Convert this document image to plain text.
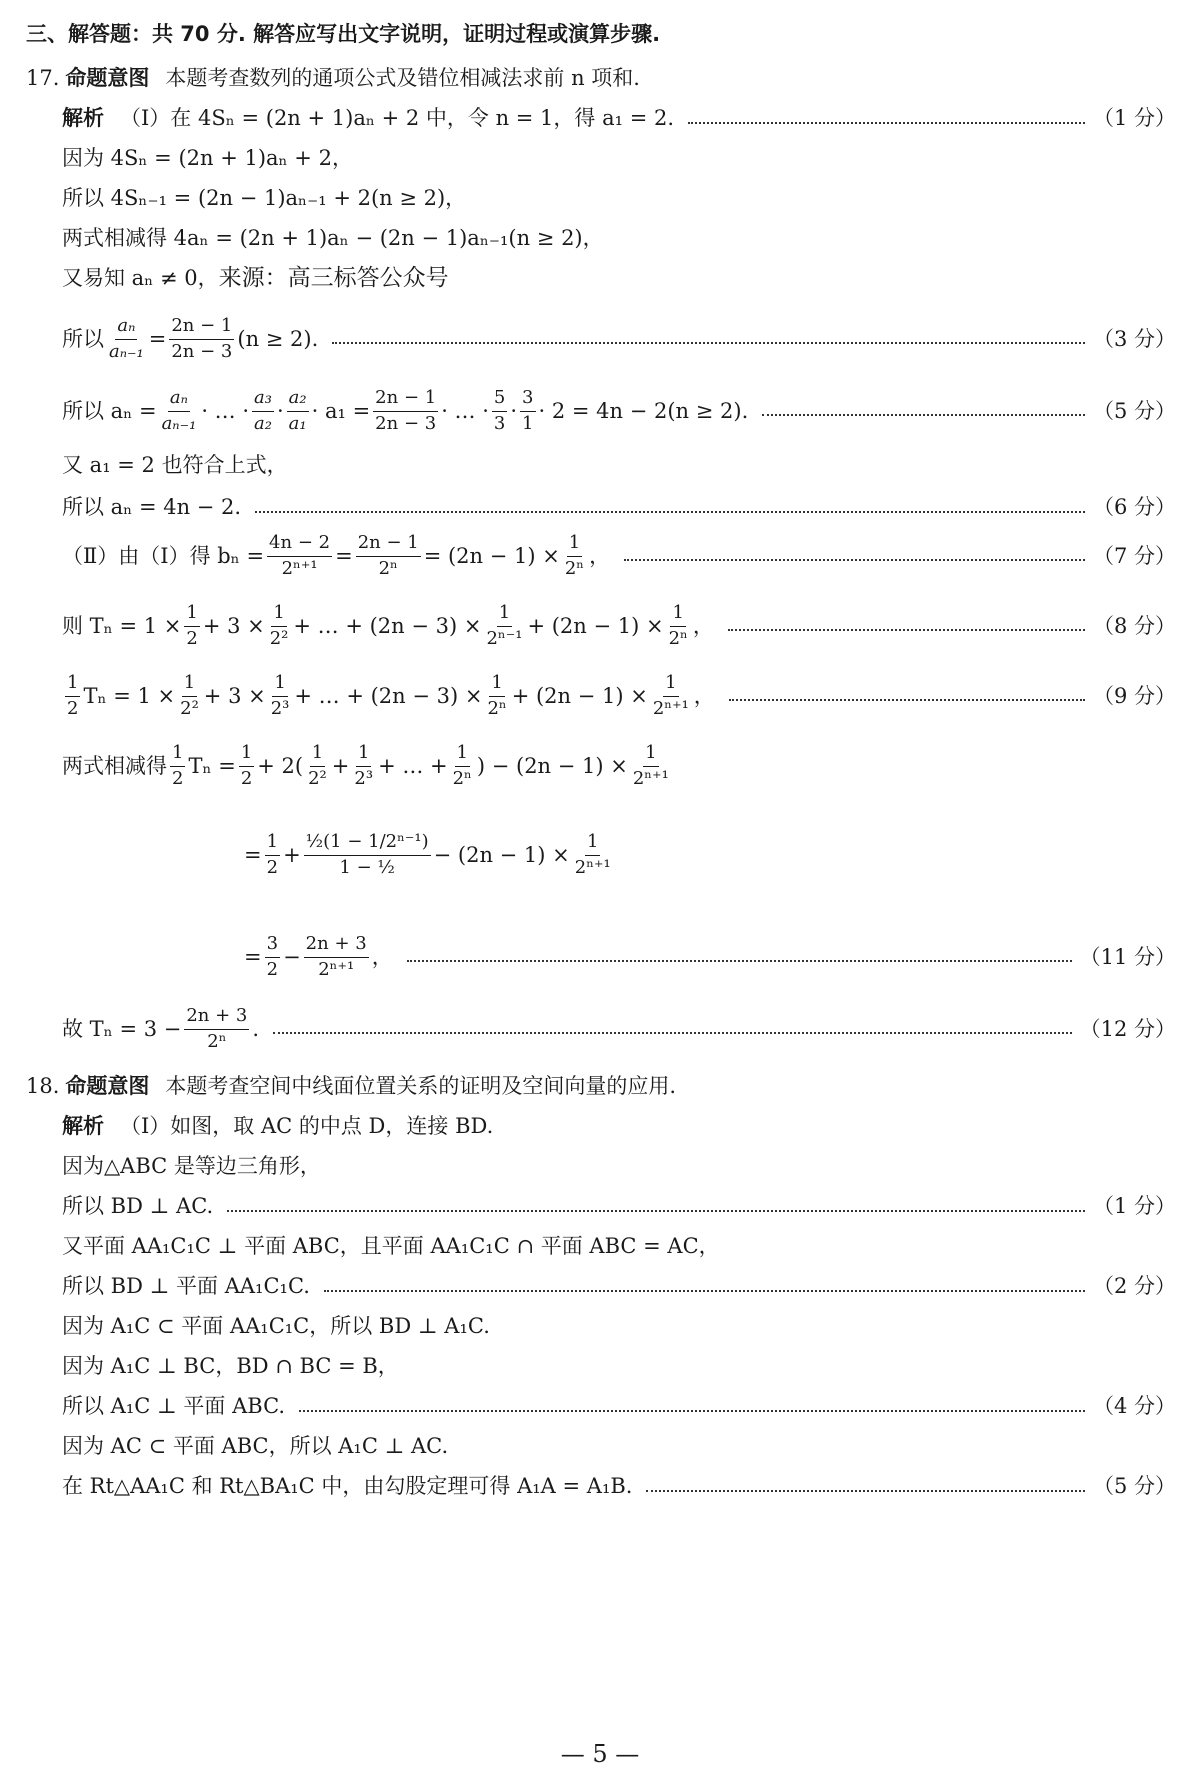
三、解答题：共 70 分. 解答应写出文字说明，证明过程或演算步骤.
17. 命题意图 本题考查数列的通项公式及错位相减法求前 n 项和.
解析 （Ⅰ）在 4Sₙ = (2n + 1)aₙ + 2 中，令 n = 1，得 a₁ = 2.	（1 分）
因为 4Sₙ = (2n + 1)aₙ + 2，
所以 4Sₙ₋₁ = (2n − 1)aₙ₋₁ + 2(n ≥ 2)，
两式相减得 4aₙ = (2n + 1)aₙ − (2n − 1)aₙ₋₁(n ≥ 2)，
又易知 aₙ ≠ 0， 来源：高三标答公众号
所以 $\frac{\text{aₙ}}{\text{aₙ₋₁}} = \frac{2n - 1}{2n - 3} (n \ge 2)$.	（3 分）
所以 $a_n = \frac{\text{aₙ}}{\text{aₙ₋₁}}$ · … · $\frac{\text{a₃}}{\text{a₂}} \cdot \frac{\text{a₂}}{\text{a₁}} \cdot a_1 = \frac{2n - 1}{2n - 3}$ · … · $\frac{5}{3} \cdot \frac{3}{1} \cdot 2 = 4n - 2(n \ge 2)$.	（5 分）
又 a₁ = 2 也符合上式，
所以 aₙ = 4n − 2.	（6 分）
（Ⅱ）由（Ⅰ）得 $b_n = \frac{4n - 2}{\text{2ⁿ⁺¹}} = \frac{2n - 1}{\text{2ⁿ}} = (2n - 1) \times \frac{1}{\text{2ⁿ}}$ ，	（7 分）
则 $T_n = 1 \times \frac{1}{2} + 3 \times \frac{1}{\text{2²}}$ + … + $(2n - 3) \times \frac{1}{\text{2ⁿ⁻¹}} + (2n - 1) \times \frac{1}{\text{2ⁿ}}$ ，	（8 分）
$\frac{1}{2}$ $T_n = 1 \times \frac{1}{\text{2²}} + 3 \times \frac{1}{\text{2³}}$ + … + $(2n - 3) \times \frac{1}{\text{2ⁿ}} + (2n - 1) \times \frac{1}{\text{2ⁿ⁺¹}}$ ，	（9 分）
两式相减得 $\frac{1}{2}$ $T_n = \frac{1}{2} + 2( \frac{1}{\text{2²}} + \frac{1}{\text{2³}}$ + … + $\frac{1}{\text{2ⁿ}}$ ) − $(2n - 1) \times \frac{1}{\text{2ⁿ⁺¹}}$
= $\frac{1}{2} + \frac{\text{½(1 − 1/2ⁿ⁻¹)}}{\text{1 − ½}} - (2n - 1) \times \frac{1}{\text{2ⁿ⁺¹}}$
= $\frac{3}{2} - \frac{2n + 3}{\text{2ⁿ⁺¹}}$ ，	（11 分）
故 $T_n = 3 - \frac{2n + 3}{\text{2ⁿ}}$ .	（12 分）
18. 命题意图 本题考查空间中线面位置关系的证明及空间向量的应用.
解析 （Ⅰ）如图，取 AC 的中点 D，连接 BD.
因为△ABC 是等边三角形，
所以 BD ⊥ AC.	（1 分）
又平面 AA₁C₁C ⊥ 平面 ABC，且平面 AA₁C₁C ∩ 平面 ABC = AC，
所以 BD ⊥ 平面 AA₁C₁C.	（2 分）
因为 A₁C ⊂ 平面 AA₁C₁C，所以 BD ⊥ A₁C.
因为 A₁C ⊥ BC，BD ∩ BC = B，
所以 A₁C ⊥ 平面 ABC.	（4 分）
因为 AC ⊂ 平面 ABC，所以 A₁C ⊥ AC.
在 Rt△AA₁C 和 Rt△BA₁C 中，由勾股定理可得 A₁A = A₁B.	（5 分）
— 5 —
